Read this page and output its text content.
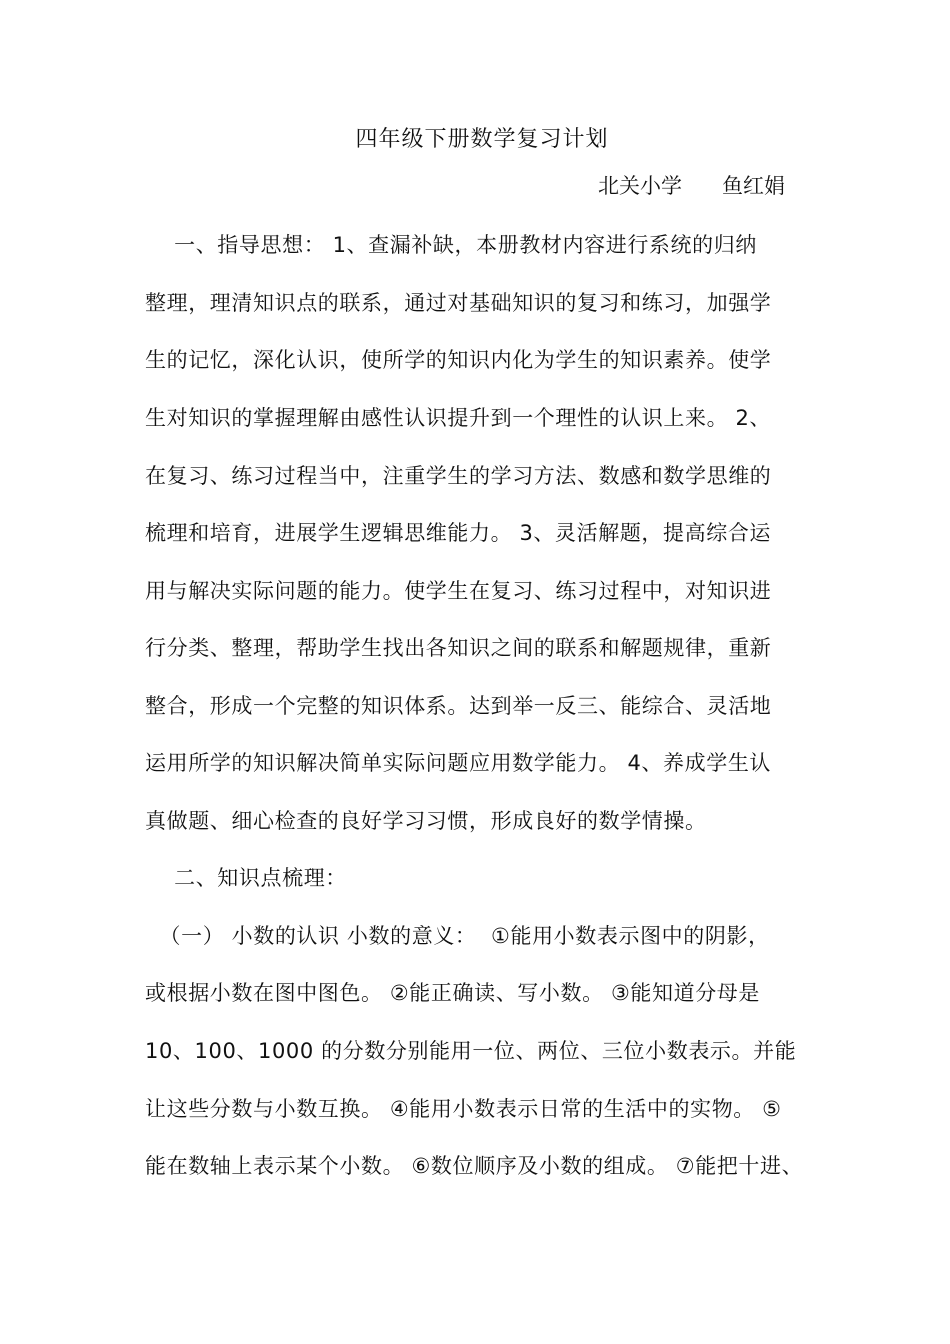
四年级下册数学复习计划
北关小学      鱼红娟
一、指导思想： 1、查漏补缺，本册教材内容进行系统的归纳
整理，理清知识点的联系，通过对基础知识的复习和练习，加强学
生的记忆，深化认识，使所学的知识内化为学生的知识素养。使学
生对知识的掌握理解由感性认识提升到一个理性的认识上来。 2、
在复习、练习过程当中，注重学生的学习方法、数感和数学思维的
梳理和培育，进展学生逻辑思维能力。 3、灵活解题，提高综合运
用与解决实际问题的能力。使学生在复习、练习过程中，对知识进
行分类、整理，帮助学生找出各知识之间的联系和解题规律，重新
整合，形成一个完整的知识体系。达到举一反三、能综合、灵活地
运用所学的知识解决简单实际问题应用数学能力。 4、养成学生认
真做题、细心检查的良好学习习惯，形成良好的数学情操。
二、知识点梳理：
（一） 小数的认识 小数的意义：  ①能用小数表示图中的阴影，
或根据小数在图中图色。 ②能正确读、写小数。 ③能知道分母是
10、100、1000 的分数分别能用一位、两位、三位小数表示。并能
让这些分数与小数互换。 ④能用小数表示日常的生活中的实物。 ⑤
能在数轴上表示某个小数。 ⑥数位顺序及小数的组成。 ⑦能把十进、
